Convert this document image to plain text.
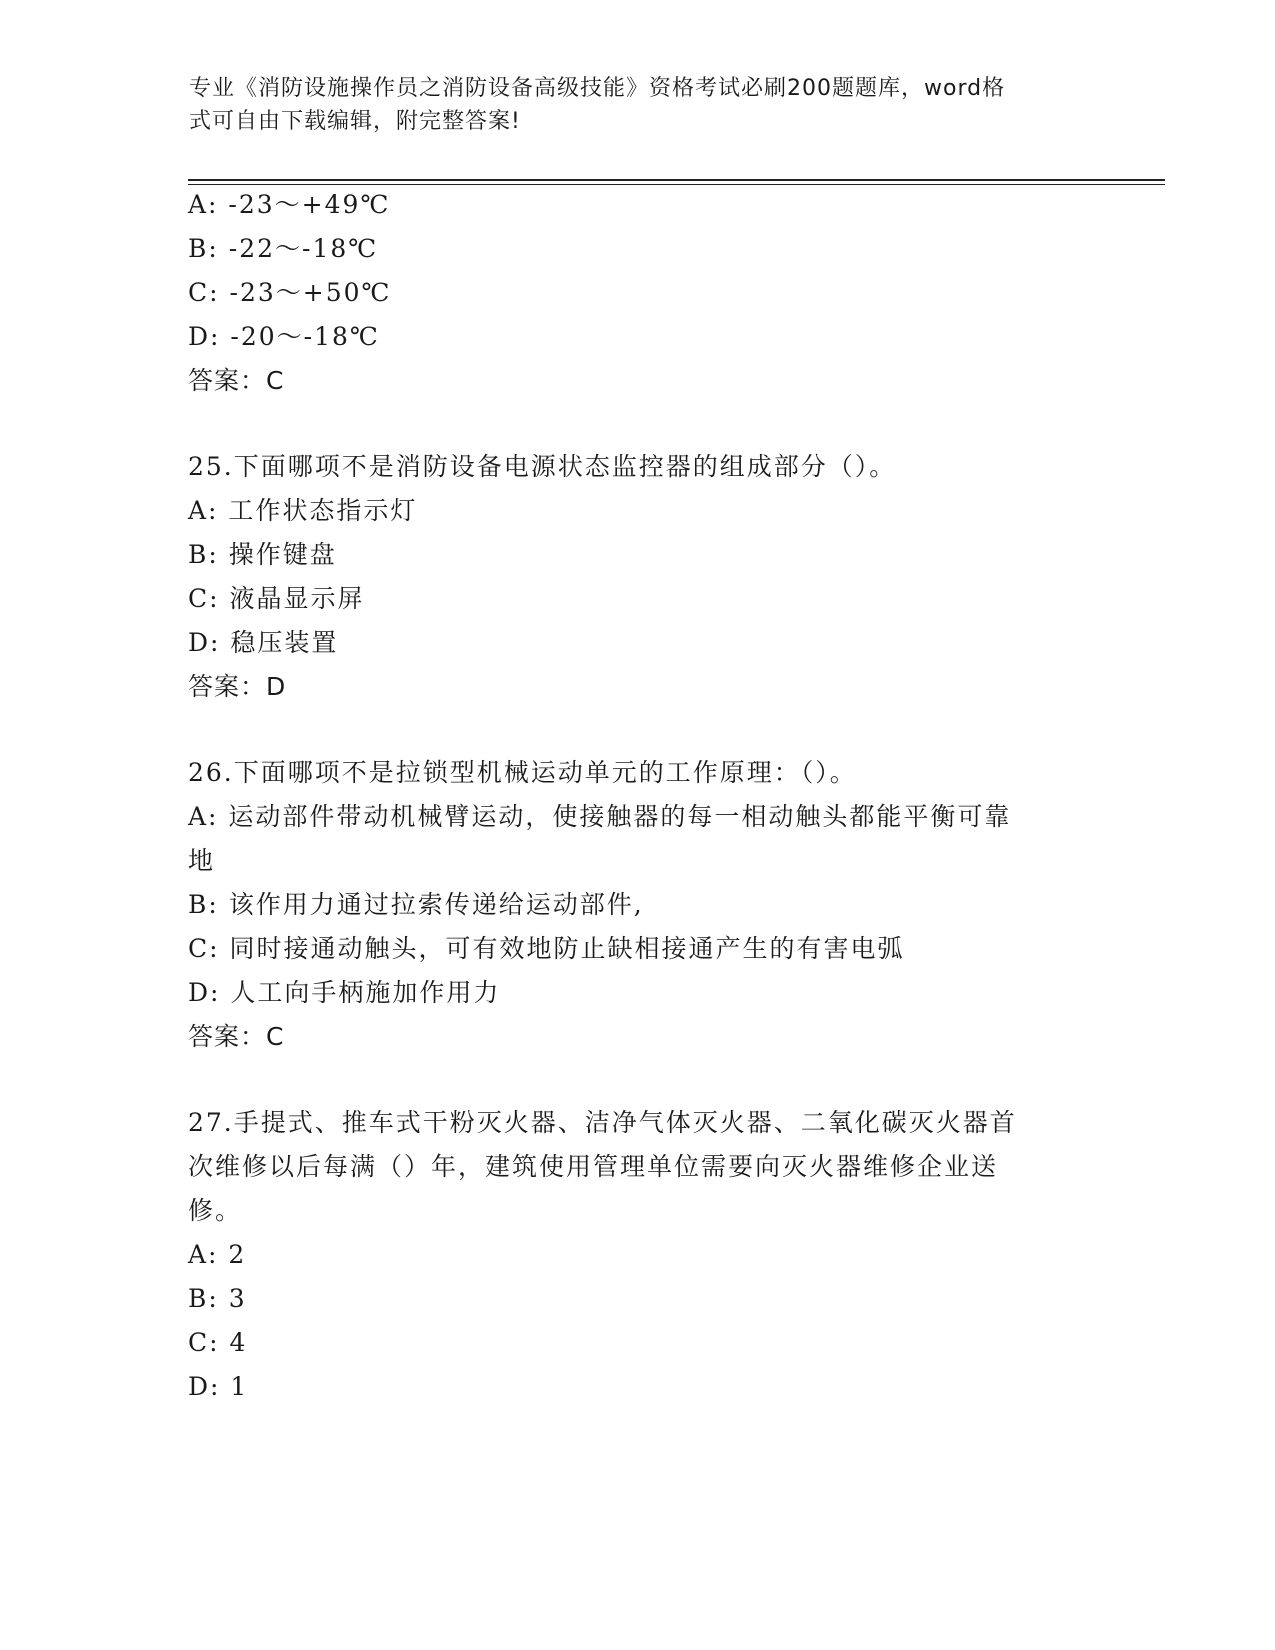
专业《消防设施操作员之消防设备高级技能》资格考试必刷200题题库，word格
式可自由下载编辑，附完整答案!
A: -23～+49℃
B: -22～-18℃
C: -23～+50℃
D: -20～-18℃
答案：C
25.下面哪项不是消防设备电源状态监控器的组成部分（）。
A: 工作状态指示灯
B: 操作键盘
C: 液晶显示屏
D: 稳压装置
答案：D
26.下面哪项不是拉锁型机械运动单元的工作原理：（）。
A: 运动部件带动机械臂运动，使接触器的每一相动触头都能平衡可靠
地
B: 该作用力通过拉索传递给运动部件,
C: 同时接通动触头，可有效地防止缺相接通产生的有害电弧
D: 人工向手柄施加作用力
答案：C
27.手提式、推车式干粉灭火器、洁净气体灭火器、二氧化碳灭火器首
次维修以后每满（）年，建筑使用管理单位需要向灭火器维修企业送
修。
A: 2
B: 3
C: 4
D: 1
